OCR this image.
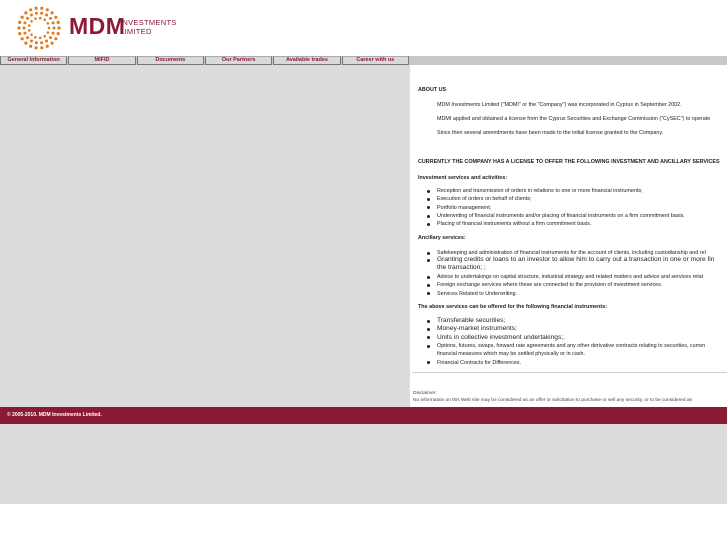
MDM
INVESTMENTS
LIMITED
General Information	MIFID	Documents	Our Partners	Available trades	Career with us
ABOUT US
MDM Investments Limited ("MDMI" or the "Company") was incorporated in Cyprus in September 2002.
MDMI applied and obtained a license from the Cyprus Securities and Exchange Commission ("CySEC") to operate
Since then several amendments have been made to the initial license granted to the Company.
CURRENTLY THE COMPANY HAS A LICENSE TO OFFER THE FOLLOWING INVESTMENT AND ANCILLARY SERVICES
Investment services and activities:
Reception and transmission of orders in relations to one or more financial instruments;
Execution of orders on behalf of clients;
Portfolio management;
Underwriting of financial instruments and/or placing of financial instruments on a firm commitment basis.
Placing of financial instruments without a firm commitment basis.
Ancillary services:
Safekeeping and administration of financial instruments for the account of clients, including custodianship and rel
Granting credits or loans to an investor to allow him to carry out a transaction in one or more fin
the transaction; ;
Advice to undertakings on capital structure, industrial strategy and related matters and advice and services relat
Foreign exchange services where these are connected to the provision of investment services.
Services Related to Underwriting.
The above services can be offered for the following financial instruments:
Transferable securities;
Money-market instruments;
Units in collective investment undertakings;.
Options, futures, swaps, forward rate agreements and any other derivative contracts relating to securities, curren
financial measures which may be settled physically or in cash.
Financial Contracts for Differences.
Disclaimer:
No information on this Web site may be considered as an offer or solicitation to purchase or sell any security, or to be considered as
© 2005-2010. MDM Investments Limited.
